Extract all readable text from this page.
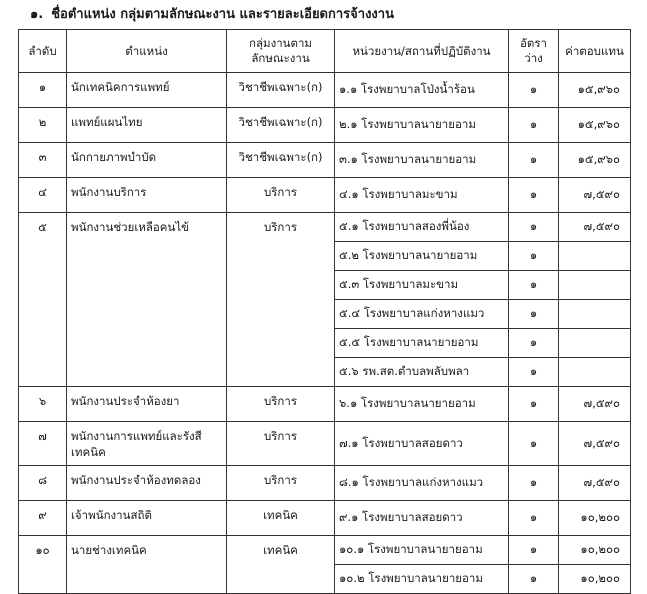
๑. ชื่อตำแหน่ง กลุ่มตามลักษณะงาน และรายละเอียดการจ้างงาน
ลำดับ	ตำแหน่ง	กลุ่มงานตามลักษณะงาน	หน่วยงาน/สถานที่ปฏิบัติงาน	อัตราว่าง	ค่าตอบแทน
๑	นักเทคนิคการแพทย์	วิชาชีพเฉพาะ(ก)	๑.๑ โรงพยาบาลโป่งน้ำร้อน	๑	๑๕,๙๖๐
๒	แพทย์แผนไทย	วิชาชีพเฉพาะ(ก)	๒.๑ โรงพยาบาลนายายอาม	๑	๑๕,๙๖๐
๓	นักกายภาพบำบัด	วิชาชีพเฉพาะ(ก)	๓.๑ โรงพยาบาลนายายอาม	๑	๑๕,๙๖๐
๔	พนักงานบริการ	บริการ	๔.๑ โรงพยาบาลมะขาม	๑	๗,๕๙๐
๕	พนักงานช่วยเหลือคนไข้	บริการ	๕.๑ โรงพยาบาลสองพี่น้อง	๑	๗,๕๙๐
			๕.๒ โรงพยาบาลนายายอาม	๑	
			๕.๓ โรงพยาบาลมะขาม	๑	
			๕.๔ โรงพยาบาลแก่งหางแมว	๑	
			๕.๕ โรงพยาบาลนายายอาม	๑	
			๕.๖ รพ.สต.ตำบลพลับพลา	๑	
๖	พนักงานประจำห้องยา	บริการ	๖.๑ โรงพยาบาลนายายอาม	๑	๗,๕๙๐
๗	พนักงานการแพทย์และรังสีเทคนิค	บริการ	๗.๑ โรงพยาบาลสอยดาว	๑	๗,๕๙๐
๘	พนักงานประจำห้องทดลอง	บริการ	๘.๑ โรงพยาบาลแก่งหางแมว	๑	๗,๕๙๐
๙	เจ้าพนักงานสถิติ	เทคนิค	๙.๑ โรงพยาบาลสอยดาว	๑	๑๐,๒๐๐
๑๐	นายช่างเทคนิค	เทคนิค	๑๐.๑ โรงพยาบาลนายายอาม	๑	๑๐,๒๐๐
			๑๐.๒ โรงพยาบาลนายายอาม	๑	๑๐,๒๐๐
